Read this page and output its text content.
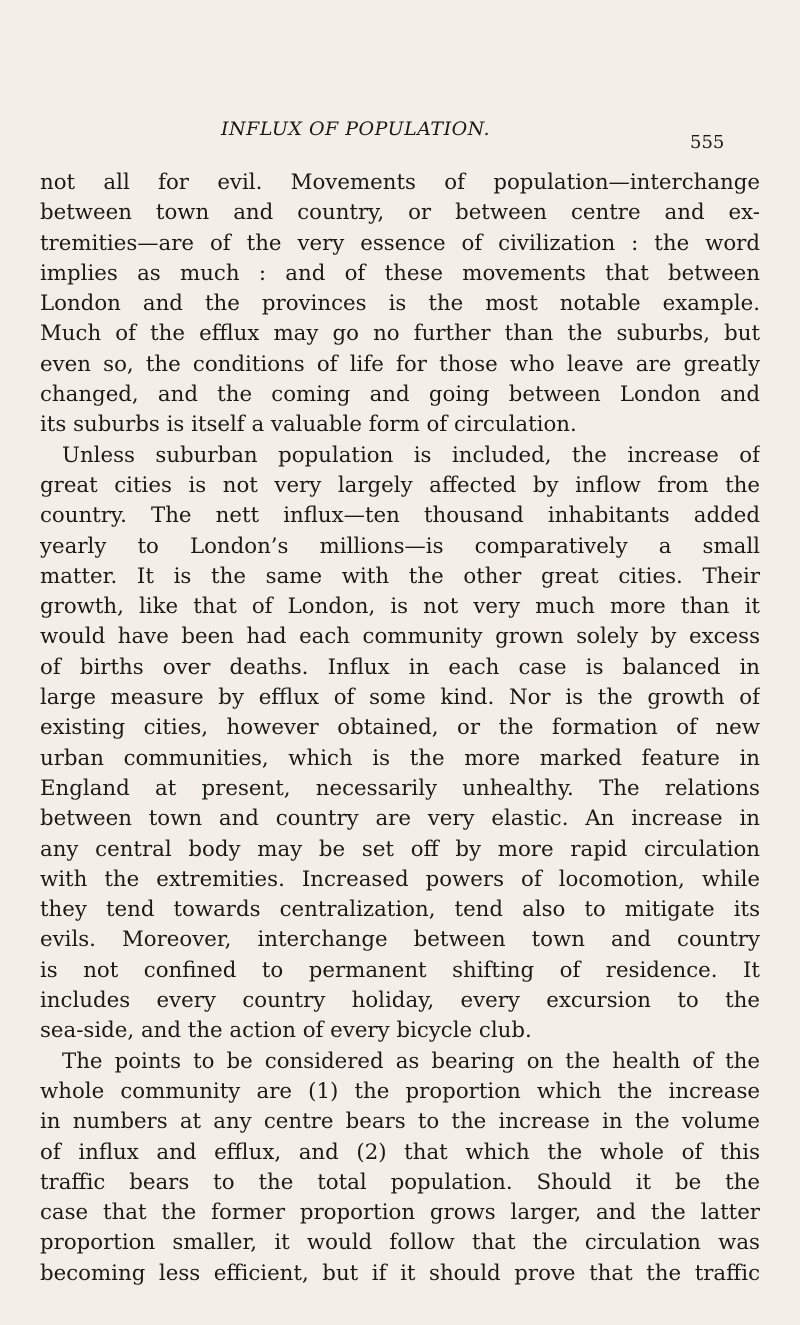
INFLUX OF POPULATION.
555
not all for evil. Movements of population—interchange
between town and country, or between centre and ex-
tremities—are of the very essence of civilization : the word
implies as much : and of these movements that between
London and the provinces is the most notable example.
Much of the efflux may go no further than the suburbs, but
even so, the conditions of life for those who leave are greatly
changed, and the coming and going between London and
its suburbs is itself a valuable form of circulation.
Unless suburban population is included, the increase of
great cities is not very largely affected by inflow from the
country. The nett influx—ten thousand inhabitants added
yearly to London’s millions—is comparatively a small
matter. It is the same with the other great cities. Their
growth, like that of London, is not very much more than it
would have been had each community grown solely by excess
of births over deaths. Influx in each case is balanced in
large measure by efflux of some kind. Nor is the growth of
existing cities, however obtained, or the formation of new
urban communities, which is the more marked feature in
England at present, necessarily unhealthy. The relations
between town and country are very elastic. An increase in
any central body may be set off by more rapid circulation
with the extremities. Increased powers of locomotion, while
they tend towards centralization, tend also to mitigate its
evils. Moreover, interchange between town and country
is not confined to permanent shifting of residence. It
includes every country holiday, every excursion to the
sea-side, and the action of every bicycle club.
The points to be considered as bearing on the health of the
whole community are (1) the proportion which the increase
in numbers at any centre bears to the increase in the volume
of influx and efflux, and (2) that which the whole of this
traffic bears to the total population. Should it be the
case that the former proportion grows larger, and the latter
proportion smaller, it would follow that the circulation was
becoming less efficient, but if it should prove that the traffic
